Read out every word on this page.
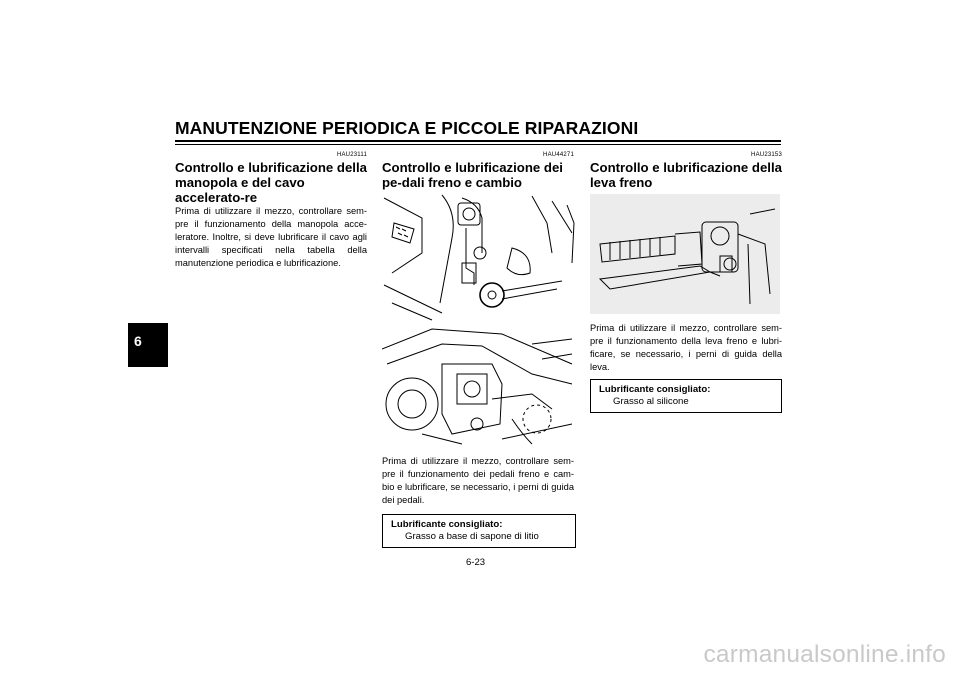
MANUTENZIONE PERIODICA E PICCOLE RIPARAZIONI
6
HAU23111
Controllo e lubrificazione della manopola e del cavo accelerato-re

Prima di utilizzare il mezzo, controllare sem-pre il funzionamento della manopola acce-leratore. Inoltre, si deve lubrificare il cavo agli intervalli specificati nella tabella della manutenzione periodica e lubrificazione.

HAU44271
Controllo e lubrificazione dei pe-dali freno e cambio

Prima di utilizzare il mezzo, controllare sem-pre il funzionamento dei pedali freno e cam-bio e lubrificare, se necessario, i perni di guida dei pedali.

Lubrificante consigliato:
Grasso a base di sapone di litio
HAU23153
Controllo e lubrificazione della leva freno

Prima di utilizzare il mezzo, controllare sem-pre il funzionamento della leva freno e lubri-ficare, se necessario, i perni di guida della leva.

Lubrificante consigliato:
Grasso al silicone
6-23
carmanualsonline.info
